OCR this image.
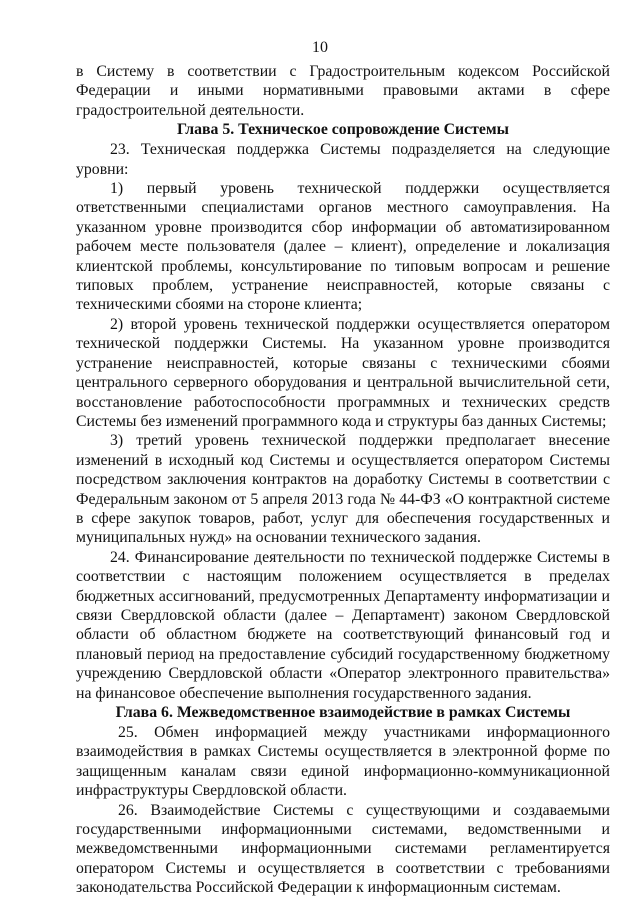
10

в Систему в соответствии с Градостроительным кодексом Российской Федерации и иными нормативными правовыми актами в сфере градостроительной деятельности.

Глава 5. Техническое сопровождение Системы

23. Техническая поддержка Системы подразделяется на следующие уровни:

1) первый уровень технической поддержки осуществляется ответственными специалистами органов местного самоуправления. На указанном уровне производится сбор информации об автоматизированном рабочем месте пользователя (далее – клиент), определение и локализация клиентской проблемы, консультирование по типовым вопросам и решение типовых проблем, устранение неисправностей, которые связаны с техническими сбоями на стороне клиента;

2) второй уровень технической поддержки осуществляется оператором технической поддержки Системы. На указанном уровне производится устранение неисправностей, которые связаны с техническими сбоями центрального серверного оборудования и центральной вычислительной сети, восстановление работоспособности программных и технических средств Системы без изменений программного кода и структуры баз данных Системы;

3) третий уровень технической поддержки предполагает внесение изменений в исходный код Системы и осуществляется оператором Системы посредством заключения контрактов на доработку Системы в соответствии с Федеральным законом от 5 апреля 2013 года № 44-ФЗ «О контрактной системе в сфере закупок товаров, работ, услуг для обеспечения государственных и муниципальных нужд» на основании технического задания.

24. Финансирование деятельности по технической поддержке Системы в соответствии с настоящим положением осуществляется в пределах бюджетных ассигнований, предусмотренных Департаменту информатизации и связи Свердловской области (далее – Департамент) законом Свердловской области об областном бюджете на соответствующий финансовый год и плановый период на предоставление субсидий государственному бюджетному учреждению Свердловской области «Оператор электронного правительства» на финансовое обеспечение выполнения государственного задания.

Глава 6. Межведомственное взаимодействие в рамках Системы

25. Обмен информацией между участниками информационного взаимодействия в рамках Системы осуществляется в электронной форме по защищенным каналам связи единой информационно-коммуникационной инфраструктуры Свердловской области.

26. Взаимодействие Системы с существующими и создаваемыми государственными информационными системами, ведомственными и межведомственными информационными системами регламентируется оператором Системы и осуществляется в соответствии с требованиями законодательства Российской Федерации к информационным системам.
